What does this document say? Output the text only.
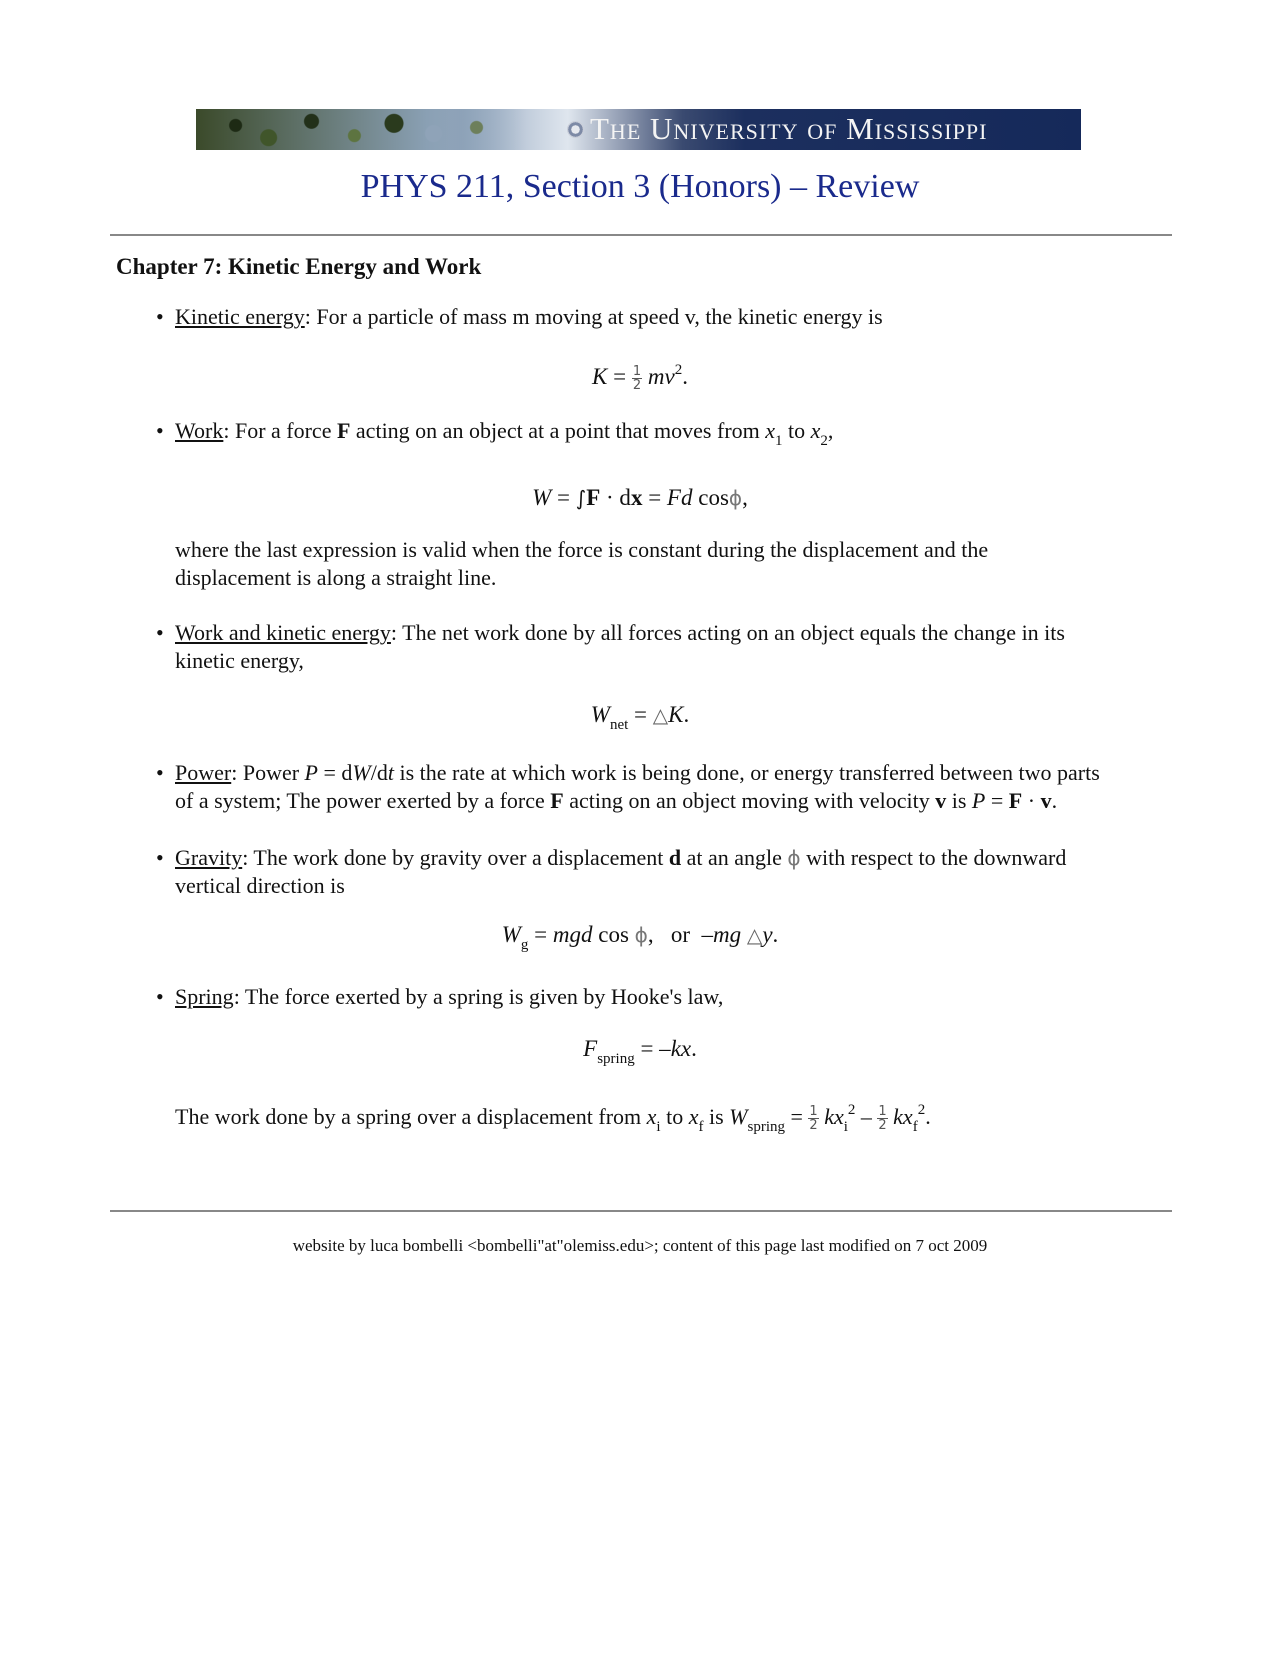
The University of Mississippi
PHYS 211, Section 3 (Honors) – Review
Chapter 7: Kinetic Energy and Work
• Kinetic energy: For a particle of mass m moving at speed v, the kinetic energy is
$K = \frac{1}{2} mv^2$.
• Work: For a force F acting on an object at a point that moves from $x_1$ to $x_2$,
W = ∫F · dx = Fd cosϕ,
where the last expression is valid when the force is constant during the displacement and the
displacement is along a straight line.
• Work and kinetic energy: The net work done by all forces acting on an object equals the change in its
kinetic energy,
$W_{net}$ = △K.
• Power: Power P = dW/dt is the rate at which work is being done, or energy transferred between two parts
of a system; The power exerted by a force F acting on an object moving with velocity v is P = F · v.
• Gravity: The work done by gravity over a displacement d at an angle ϕ with respect to the downward
vertical direction is
$W_g$ = mgd cos ϕ,   or  –mg △y.
• Spring: The force exerted by a spring is given by Hooke's law,
$F_{spring} = -kx$.
The work done by a spring over a displacement from $x_i$ to $x_f$ is $W_{spring} = \frac{1}{2} kx_i^2 - \frac{1}{2} kx_f^2$.
website by luca bombelli <bombelli"at"olemiss.edu>; content of this page last modified on 7 oct 2009
